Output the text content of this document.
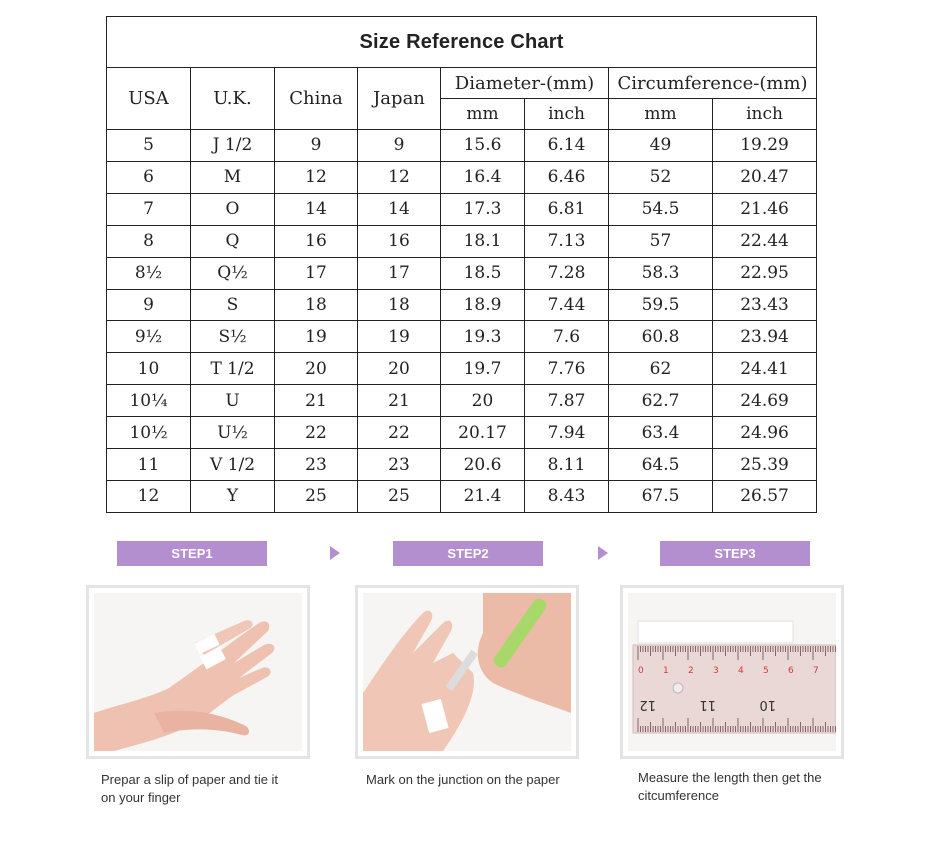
Size Reference Chart							
USA	U.K.	China	Japan	Diameter-(mm)		Circumference-(mm)	
				mm	inch	mm	inch
5	J 1/2	9	9	15.6	6.14	49	19.29
6	M	12	12	16.4	6.46	52	20.47
7	O	14	14	17.3	6.81	54.5	21.46
8	Q	16	16	18.1	7.13	57	22.44
8½	Q½	17	17	18.5	7.28	58.3	22.95
9	S	18	18	18.9	7.44	59.5	23.43
9½	S½	19	19	19.3	7.6	60.8	23.94
10	T 1/2	20	20	19.7	7.76	62	24.41
10¼	U	21	21	20	7.87	62.7	24.69
10½	U½	22	22	20.17	7.94	63.4	24.96
11	V 1/2	23	23	20.6	8.11	64.5	25.39
12	Y	25	25	21.4	8.43	67.5	26.57
STEP1	STEP2	STEP3
0 1 2 3 4 5 6 7
12	11	10
Prepar a slip of paper and tie it
on your finger
Mark on the junction on the paper	Measure the length then get the
citcumference
